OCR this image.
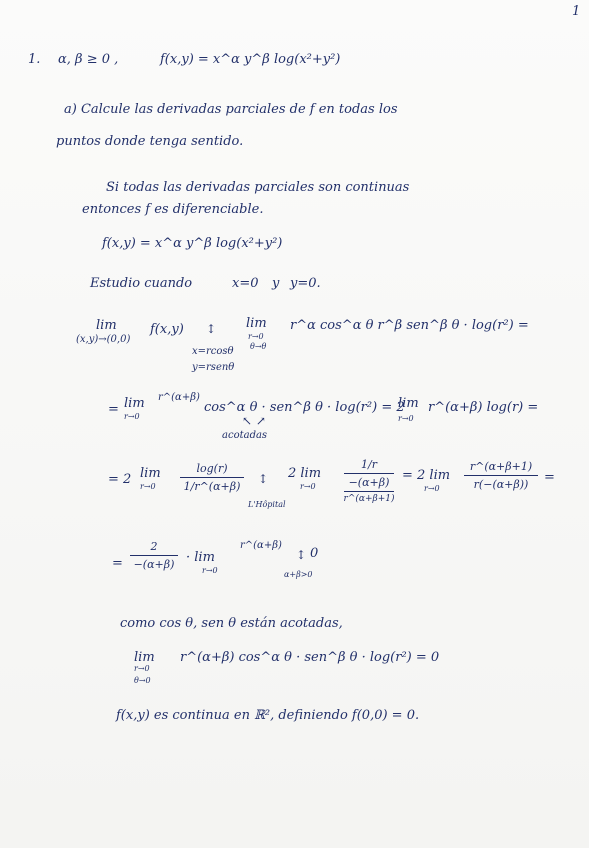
1

1. α, β ≥ 0 ,	f(x,y) = x^α y^β log(x²+y²)
a) Calcule las derivadas parciales de f en todas los
puntos donde tenga sentido.
Si todas las derivadas parciales son continuas
entonces f es diferenciable.
f(x,y) = x^α y^β log(x²+y²)
Estudio cuando	x=0 y y=0.
lim
(x,y)→(0,0)
f(x,y) ↕
x=rcosθ
y=rsenθ
lim
r→0
θ→θ
r^α cos^α θ r^β sen^β θ · log(r²) =
= lim
r→0
r^(α+β)
cos^α θ · sen^β θ · log(r²) = 2
lim
r→0
r^(α+β) log(r) =
↖ ↗
acotadas
= 2 lim
r→0
log(r)
1/r^(α+β)
↕
L'Hôpital
2 lim
r→0
1/r
−(α+β)
r^(α+β+1)
= 2 lim
r→0
r^(α+β+1)
r(−(α+β)) =
=
2
−(α+β) · lim
r→0
r^(α+β)
↕ 0
α+β>0
como cos θ, sen θ están acotadas,
lim
r→0
θ→0
r^(α+β) cos^α θ · sen^β θ · log(r²) = 0
f(x,y) es continua en ℝ², definiendo f(0,0) = 0.
